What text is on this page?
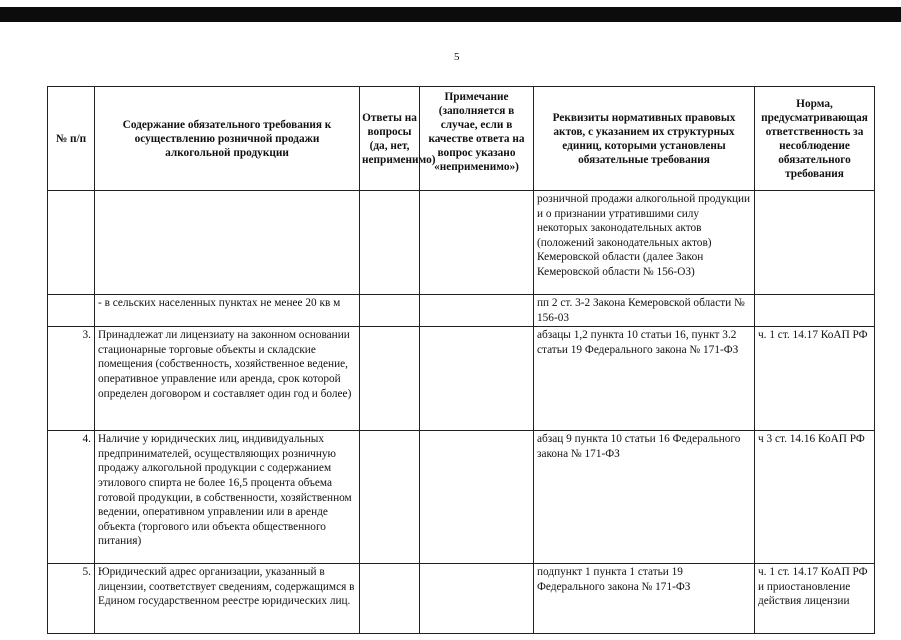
5
№ п/п	Содержание обязательного требования к осуществлению розничной продажи алкогольной продукции	Ответы на вопросы (да, нет, неприменимо)	Примечание (заполняется в случае, если в качестве ответа на вопрос указано «неприменимо»)	Реквизиты нормативных правовых актов, с указанием их структурных единиц, которыми установлены обязательные требования	Норма, предусматривающая ответственность за несоблюдение обязательного требования
				розничной продажи алкогольной продукции и о признании утратившими силу некоторых законодательных актов (положений законодательных актов) Кемеровской области (далее Закон Кемеровской области № 156-ОЗ)	
	- в сельских населенных пунктах не менее 20 кв м			пп 2 ст. 3-2 Закона Кемеровской области № 156-03	
3.	Принадлежат ли лицензиату на законном основании стационарные торговые объекты и складские помещения (собственность, хозяйственное ведение, оперативное управление или аренда, срок которой определен договором и составляет один год и более)			абзацы 1,2 пункта 10 статьи 16, пункт 3.2 статьи 19 Федерального закона № 171-ФЗ	ч. 1 ст. 14.17 КоАП РФ
4.	Наличие у юридических лиц, индивидуальных предпринимателей, осуществляющих розничную продажу алкогольной продукции с содержанием этилового спирта не более 16,5 процента объема готовой продукции, в собственности, хозяйственном ведении, оперативном управлении или в аренде объекта (торгового или объекта общественного питания)			абзац 9 пункта 10 статьи 16 Федерального закона № 171-ФЗ	ч 3 ст. 14.16 КоАП РФ
5.	Юридический адрес организации, указанный в лицензии, соответствует сведениям, содержащимся в Едином государственном реестре юридических лиц.			подпункт 1 пункта 1 статьи 19 Федерального закона № 171-ФЗ	ч. 1 ст. 14.17 КоАП РФ и приостановление действия лицензии
